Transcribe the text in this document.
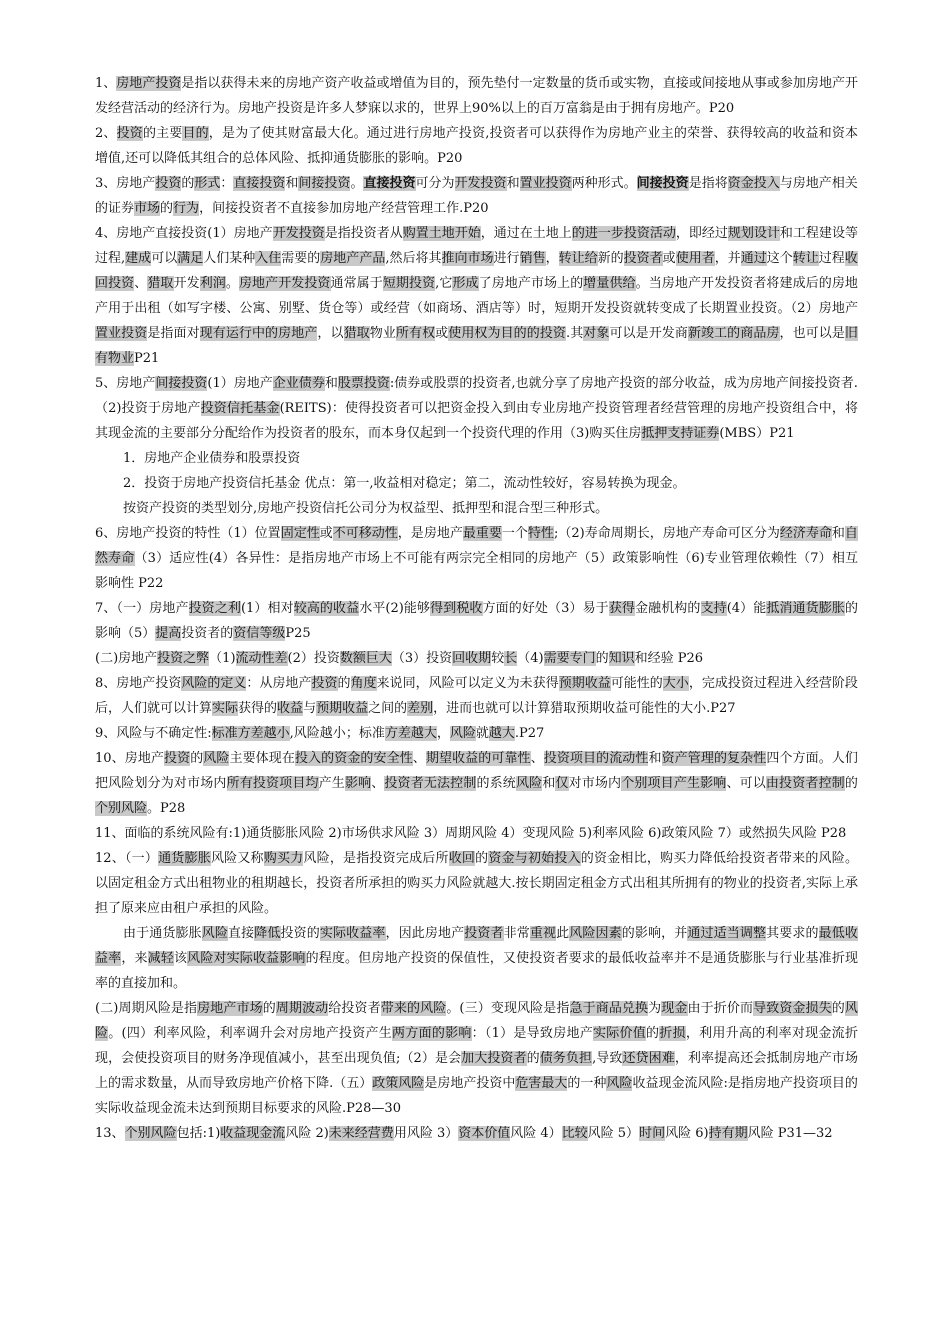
1、房地产投资是指以获得未来的房地产资产收益或增值为目的，预先垫付一定数量的货币或实物，直接或间接地从事或参加房地产开发经营活动的经济行为。房地产投资是许多人梦寐以求的，世界上90%以上的百万富翁是由于拥有房地产。P20

2、投资的主要目的，是为了使其财富最大化。通过进行房地产投资,投资者可以获得作为房地产业主的荣誉、获得较高的收益和资本增值,还可以降低其组合的总体风险、抵抑通货膨胀的影响。P20

3、房地产投资的形式：直接投资和间接投资。直接投资可分为开发投资和置业投资两种形式。间接投资是指将资金投入与房地产相关的证券市场的行为，间接投资者不直接参加房地产经营管理工作.P20

4、房地产直接投资(1）房地产开发投资是指投资者从购置土地开始，通过在土地上的进一步投资活动，即经过规划设计和工程建设等过程,建成可以满足人们某种入住需要的房地产产品,然后将其推向市场进行销售，转让给新的投资者或使用者，并通过这个转让过程收回投资、猎取开发利润。房地产开发投资通常属于短期投资,它形成了房地产市场上的增量供给。当房地产开发投资者将建成后的房地产用于出租（如写字楼、公寓、别墅、货仓等）或经营（如商场、酒店等）时，短期开发投资就转变成了长期置业投资。（2）房地产置业投资是指面对现有运行中的房地产，以猎取物业所有权或使用权为目的的投资.其对象可以是开发商新竣工的商品房，也可以是旧有物业P21

5、房地产间接投资(1）房地产企业债券和股票投资:债券或股票的投资者,也就分享了房地产投资的部分收益，成为房地产间接投资者.（2)投资于房地产投资信托基金(REITS)：使得投资者可以把资金投入到由专业房地产投资管理者经营管理的房地产投资组合中，将其现金流的主要部分分配给作为投资者的股东，而本身仅起到一个投资代理的作用（3)购买住房抵押支持证券(MBS）P21

1．房地产企业债券和股票投资

2．投资于房地产投资信托基金 优点：第一,收益相对稳定；第二，流动性较好，容易转换为现金。

按资产投资的类型划分,房地产投资信托公司分为权益型、抵押型和混合型三种形式。

6、房地产投资的特性（1）位置固定性或不可移动性，是房地产最重要一个特性;（2)寿命周期长，房地产寿命可区分为经济寿命和自然寿命（3）适应性(4）各异性：是指房地产市场上不可能有两宗完全相同的房地产（5）政策影响性（6)专业管理依赖性（7）相互影响性 P22

7、（一）房地产投资之利(1）相对较高的收益水平(2)能够得到税收方面的好处（3）易于获得金融机构的支持(4）能抵消通货膨胀的影响（5）提高投资者的资信等级P25

(二)房地产投资之弊（1)流动性差(2）投资数额巨大（3）投资回收期较长（4)需要专门的知识和经验 P26

8、房地产投资风险的定义：从房地产投资的角度来说同，风险可以定义为未获得预期收益可能性的大小，完成投资过程进入经营阶段后，人们就可以计算实际获得的收益与预期收益之间的差别，进而也就可以计算猎取预期收益可能性的大小.P27

9、风险与不确定性:标准方差越小,风险越小；标准方差越大，风险就越大.P27

10、房地产投资的风险主要体现在投入的资金的安全性、期望收益的可靠性、投资项目的流动性和资产管理的复杂性四个方面。人们把风险划分为对市场内所有投资项目均产生影响、投资者无法控制的系统风险和仅对市场内个别项目产生影响、可以由投资者控制的个别风险。P28

11、面临的系统风险有:1)通货膨胀风险 2)市场供求风险 3）周期风险 4）变现风险 5)利率风险 6)政策风险 7）或然损失风险 P28

12、（一）通货膨胀风险又称购买力风险，是指投资完成后所收回的资金与初始投入的资金相比，购买力降低给投资者带来的风险。以固定租金方式出租物业的租期越长，投资者所承担的购买力风险就越大.按长期固定租金方式出租其所拥有的物业的投资者,实际上承担了原来应由租户承担的风险。

由于通货膨胀风险直接降低投资的实际收益率，因此房地产投资者非常重视此风险因素的影响，并通过适当调整其要求的最低收益率，来减轻该风险对实际收益影响的程度。但房地产投资的保值性，又使投资者要求的最低收益率并不是通货膨胀与行业基准折现率的直接加和。

(二)周期风险是指房地产市场的周期波动给投资者带来的风险。(三）变现风险是指急于商品兑换为现金由于折价而导致资金损失的风险。(四）利率风险，利率调升会对房地产投资产生两方面的影响：（1）是导致房地产实际价值的折损，利用升高的利率对现金流折现，会使投资项目的财务净现值减小，甚至出现负值;（2）是会加大投资者的债务负担,导致还贷困难，利率提高还会抵制房地产市场上的需求数量，从而导致房地产价格下降.（五）政策风险是房地产投资中危害最大的一种风险收益现金流风险:是指房地产投资项目的实际收益现金流未达到预期目标要求的风险.P28—30

13、个别风险包括:1)收益现金流风险 2)未来经营费用风险 3）资本价值风险 4）比较风险 5）时间风险 6)持有期风险 P31—32
